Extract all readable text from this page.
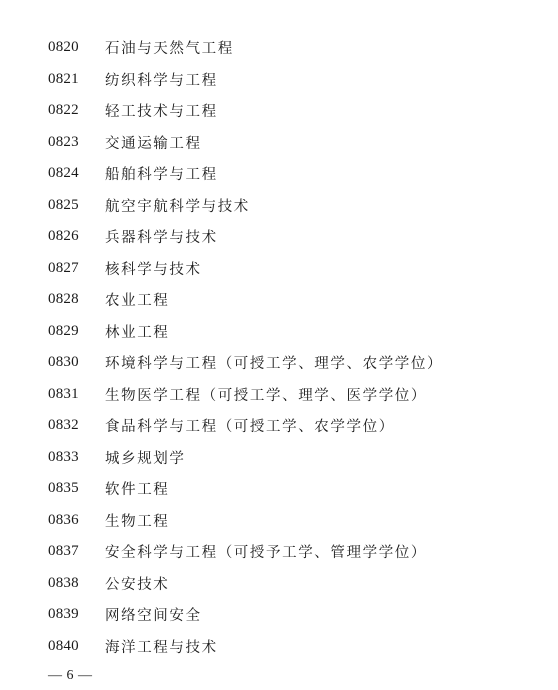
0820	石油与天然气工程
0821	纺织科学与工程
0822	轻工技术与工程
0823	交通运输工程
0824	船舶科学与工程
0825	航空宇航科学与技术
0826	兵器科学与技术
0827	核科学与技术
0828	农业工程
0829	林业工程
0830	环境科学与工程（可授工学、理学、农学学位）
0831	生物医学工程（可授工学、理学、医学学位）
0832	食品科学与工程（可授工学、农学学位）
0833	城乡规划学
0835	软件工程
0836	生物工程
0837	安全科学与工程（可授予工学、管理学学位）
0838	公安技术
0839	网络空间安全
0840	海洋工程与技术
— 6 —
